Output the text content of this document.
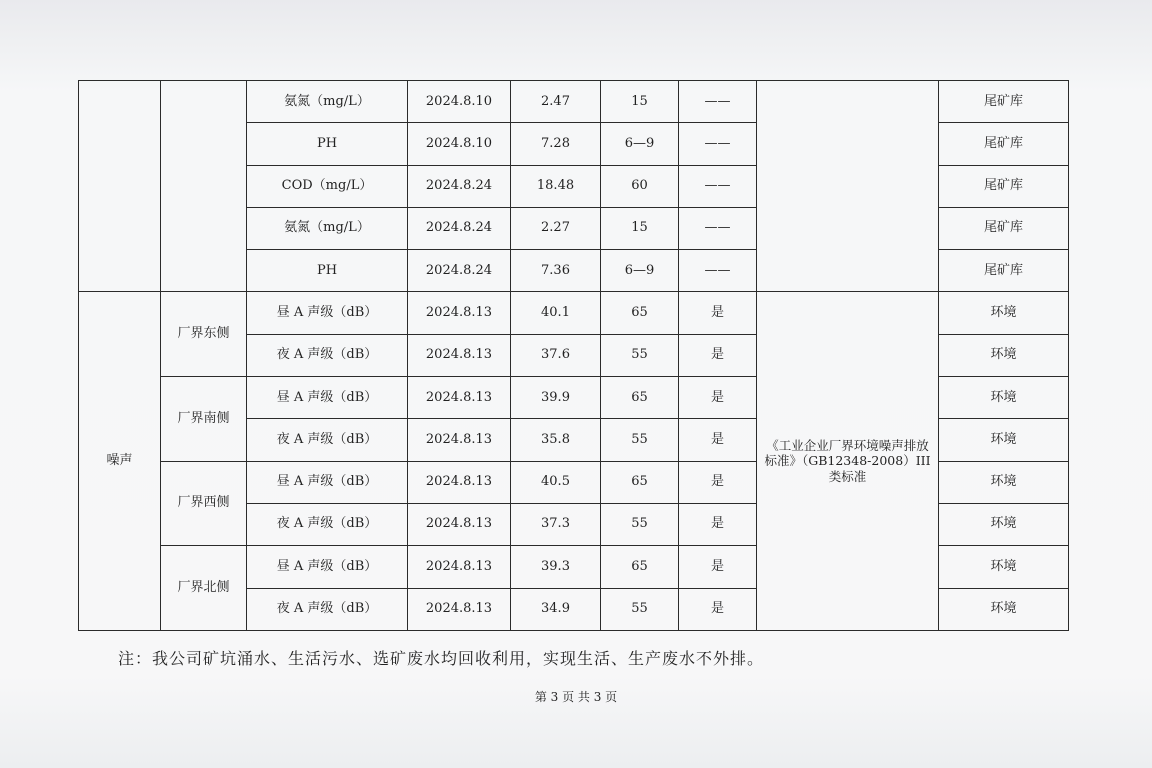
		氨氮（mg/L）	2024.8.10	2.47	15	——		尾矿库
		PH	2024.8.10	7.28	6—9	——		尾矿库
		COD（mg/L）	2024.8.24	18.48	60	——		尾矿库
		氨氮（mg/L）	2024.8.24	2.27	15	——		尾矿库
		PH	2024.8.24	7.36	6—9	——		尾矿库
噪声	厂界东侧	昼 A 声级（dB）	2024.8.13	40.1	65	是	《工业企业厂界环境噪声排放标准》（GB12348-2008）III类标准	环境
		夜 A 声级（dB）	2024.8.13	37.6	55	是		环境
	厂界南侧	昼 A 声级（dB）	2024.8.13	39.9	65	是		环境
		夜 A 声级（dB）	2024.8.13	35.8	55	是		环境
	厂界西侧	昼 A 声级（dB）	2024.8.13	40.5	65	是		环境
		夜 A 声级（dB）	2024.8.13	37.3	55	是		环境
	厂界北侧	昼 A 声级（dB）	2024.8.13	39.3	65	是		环境
		夜 A 声级（dB）	2024.8.13	34.9	55	是		环境
注：我公司矿坑涌水、生活污水、选矿废水均回收利用，实现生活、生产废水不外排。
第 3 页 共 3 页
